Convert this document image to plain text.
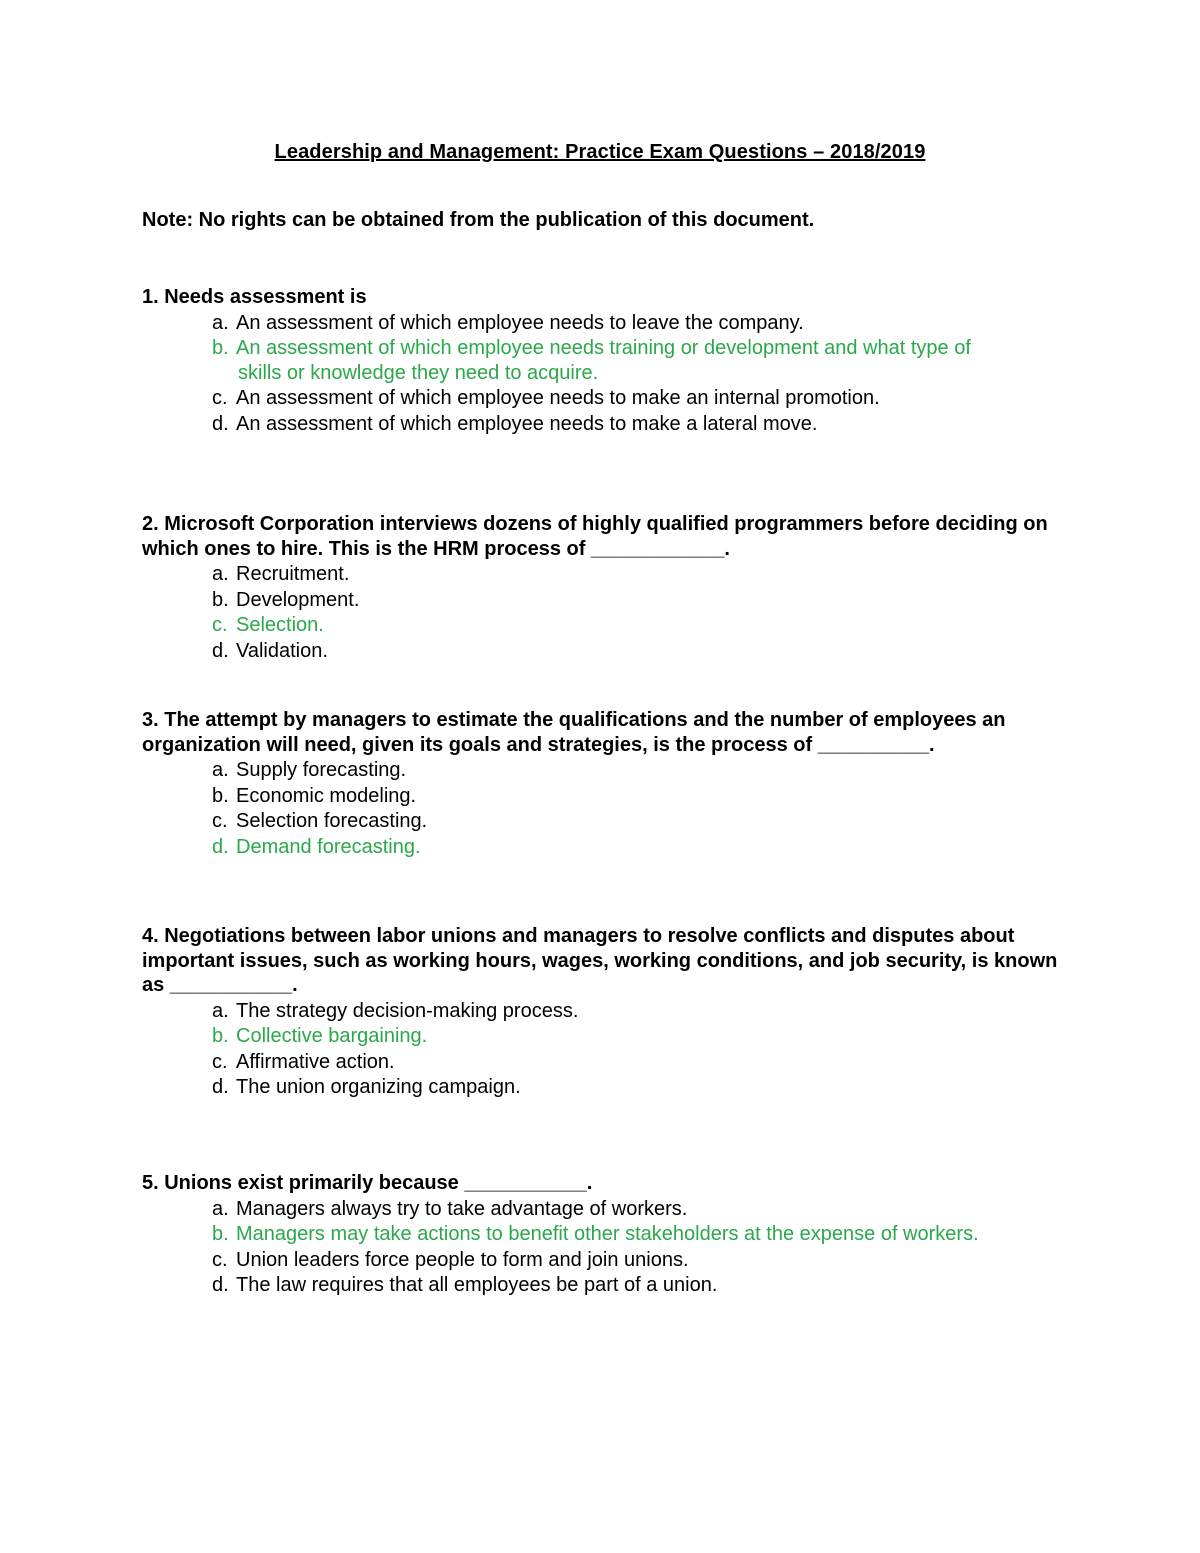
Leadership and Management: Practice Exam Questions – 2018/2019
Note: No rights can be obtained from the publication of this document.
1. Needs assessment is
a. An assessment of which employee needs to leave the company.
b. An assessment of which employee needs training or development and what type of
skills or knowledge they need to acquire.
c. An assessment of which employee needs to make an internal promotion.
d. An assessment of which employee needs to make a lateral move.
2. Microsoft Corporation interviews dozens of highly qualified programmers before deciding on which ones to hire. This is the HRM process of ____________.
a. Recruitment.
b. Development.
c. Selection.
d. Validation.
3. The attempt by managers to estimate the qualifications and the number of employees an organization will need, given its goals and strategies, is the process of __________.
a. Supply forecasting.
b. Economic modeling.
c. Selection forecasting.
d. Demand forecasting.
4. Negotiations between labor unions and managers to resolve conflicts and disputes about important issues, such as working hours, wages, working conditions, and job security, is known as ___________.
a. The strategy decision-making process.
b. Collective bargaining.
c. Affirmative action.
d. The union organizing campaign.
5. Unions exist primarily because ___________.
a. Managers always try to take advantage of workers.
b. Managers may take actions to benefit other stakeholders at the expense of workers.
c. Union leaders force people to form and join unions.
d. The law requires that all employees be part of a union.
